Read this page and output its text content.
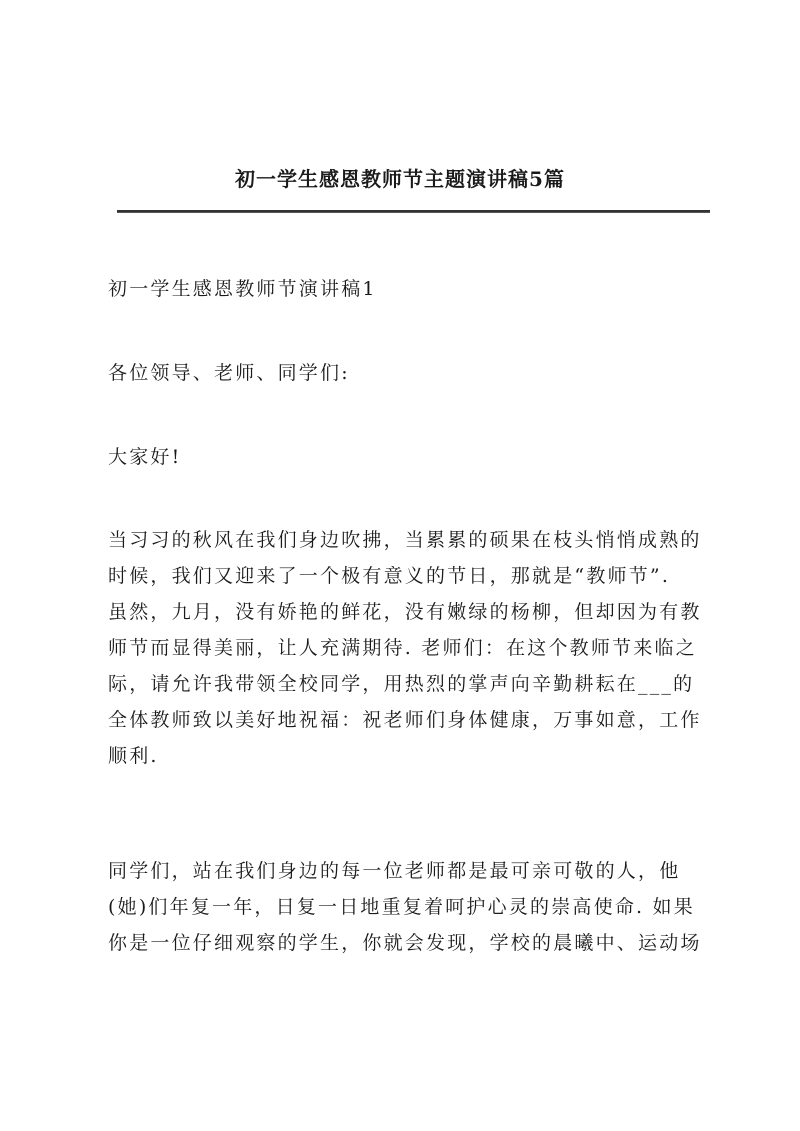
初一学生感恩教师节主题演讲稿5篇
初一学生感恩教师节演讲稿1
各位领导、老师、同学们:
大家好!
当习习的秋风在我们身边吹拂，当累累的硕果在枝头悄悄成熟的
时候，我们又迎来了一个极有意义的节日，那就是“教师节”.
虽然，九月，没有娇艳的鲜花，没有嫩绿的杨柳，但却因为有教
师节而显得美丽，让人充满期待. 老师们：在这个教师节来临之
际，请允许我带领全校同学，用热烈的掌声向辛勤耕耘在___的
全体教师致以美好地祝福：祝老师们身体健康，万事如意，工作
顺利.
同学们，站在我们身边的每一位老师都是最可亲可敬的人，他
(她)们年复一年，日复一日地重复着呵护心灵的崇高使命. 如果
你是一位仔细观察的学生，你就会发现，学校的晨曦中、运动场
